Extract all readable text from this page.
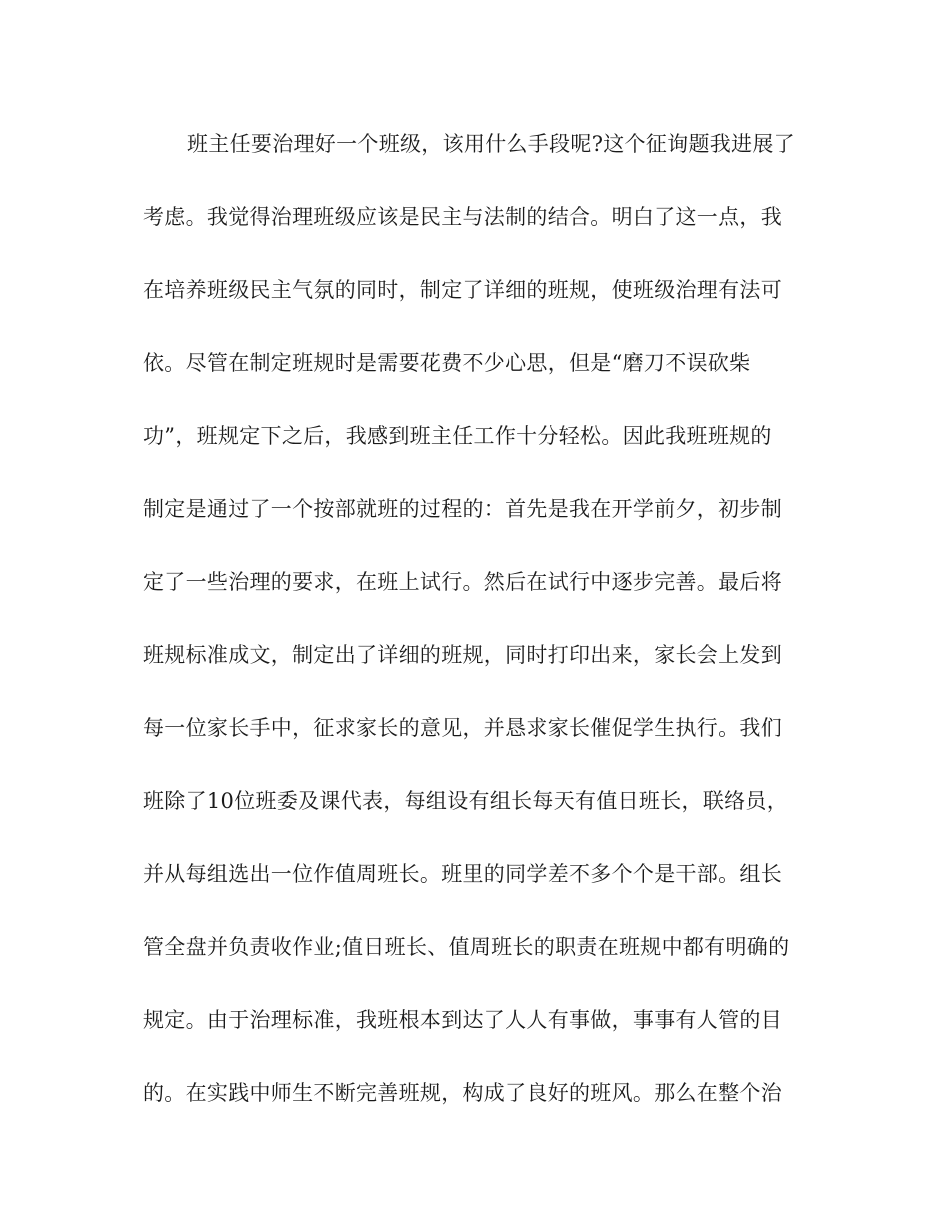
班主任要治理好一个班级，该用什么手段呢?这个征询题我进展了
考虑。我觉得治理班级应该是民主与法制的结合。明白了这一点，我
在培养班级民主气氛的同时，制定了详细的班规，使班级治理有法可
依。尽管在制定班规时是需要花费不少心思，但是“磨刀不误砍柴
功”，班规定下之后，我感到班主任工作十分轻松。因此我班班规的
制定是通过了一个按部就班的过程的：首先是我在开学前夕，初步制
定了一些治理的要求，在班上试行。然后在试行中逐步完善。最后将
班规标准成文，制定出了详细的班规，同时打印出来，家长会上发到
每一位家长手中，征求家长的意见，并恳求家长催促学生执行。我们
班除了10位班委及课代表，每组设有组长每天有值日班长，联络员，
并从每组选出一位作值周班长。班里的同学差不多个个是干部。组长
管全盘并负责收作业;值日班长、值周班长的职责在班规中都有明确的
规定。由于治理标准，我班根本到达了人人有事做，事事有人管的目
的。在实践中师生不断完善班规，构成了良好的班风。那么在整个治
